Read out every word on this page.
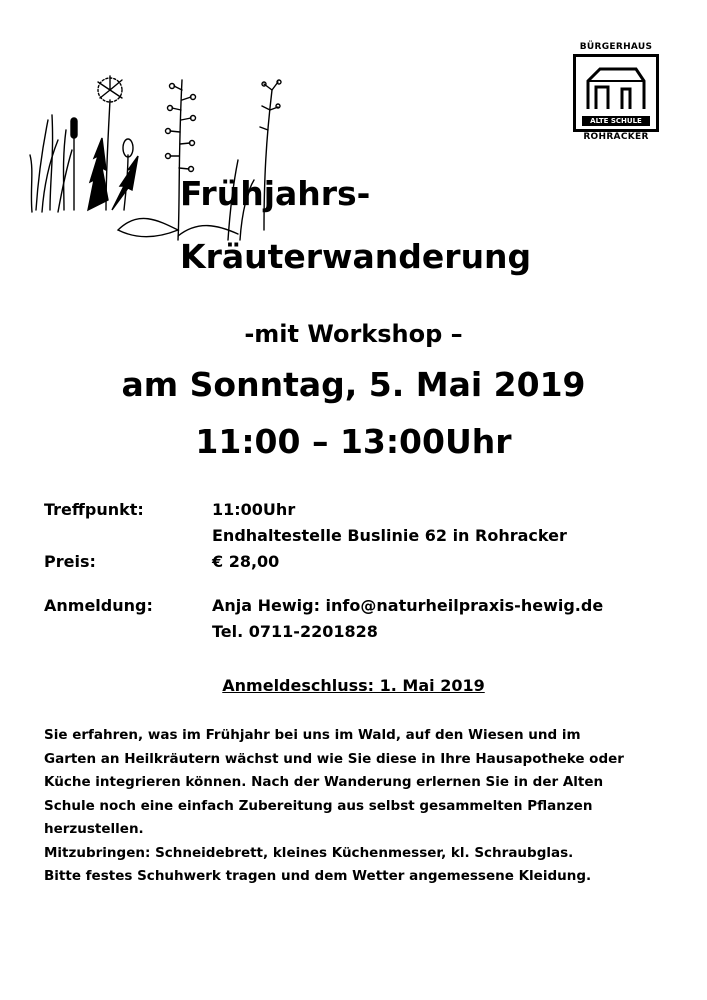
BÜRGERHAUS
ALTE SCHULE
ROHRACKER
Frühjahrs-
Kräuterwanderung
-mit Workshop –
am Sonntag, 5. Mai 2019
11:00 – 13:00Uhr
Treffpunkt:	11:00Uhr
Endhaltestelle Buslinie 62 in Rohracker
Preis:	€ 28,00
Anmeldung:	Anja Hewig: info@naturheilpraxis-hewig.de
Tel. 0711-2201828
Anmeldeschluss: 1. Mai 2019
Sie erfahren, was im Frühjahr bei uns im Wald, auf den Wiesen und im
Garten an Heilkräutern wächst und wie Sie diese in Ihre Hausapotheke oder
Küche integrieren können. Nach der Wanderung erlernen Sie in der Alten
Schule noch eine einfach Zubereitung aus selbst gesammelten Pflanzen
herzustellen.
Mitzubringen: Schneidebrett, kleines Küchenmesser, kl. Schraubglas.
Bitte festes Schuhwerk tragen und dem Wetter angemessene Kleidung.
